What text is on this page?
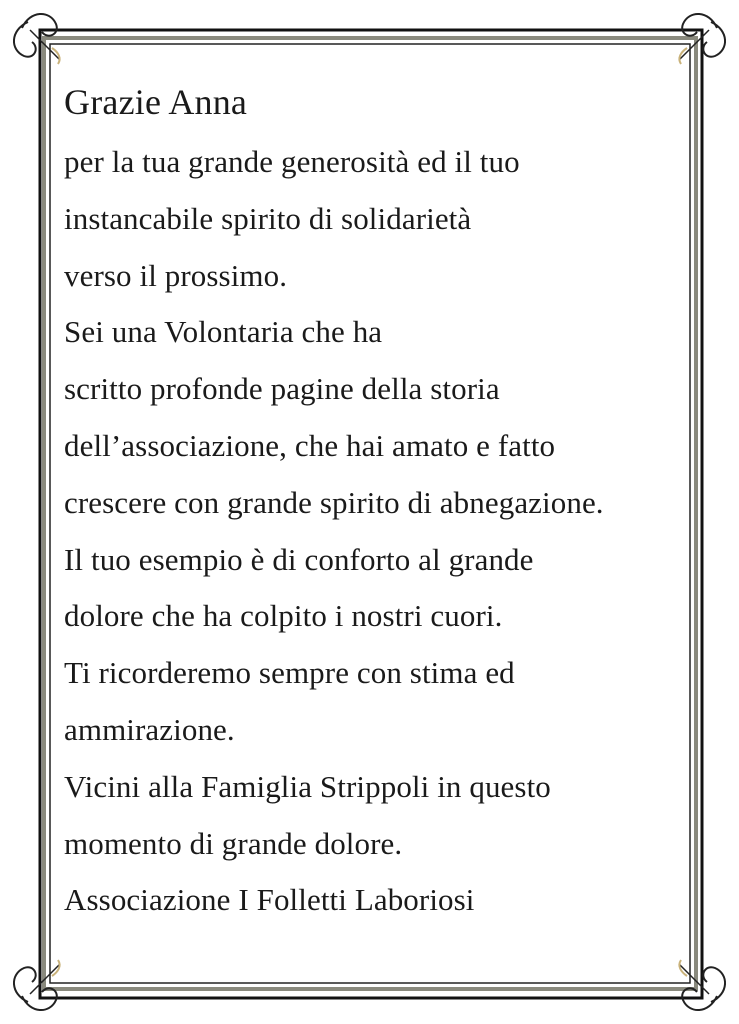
Grazie Anna
per la tua grande generosità ed il tuo
instancabile spirito di solidarietà
verso il prossimo.
Sei una Volontaria che ha
scritto profonde pagine della storia
dell’associazione, che hai amato e fatto
crescere con grande spirito di abnegazione.
Il tuo esempio è di conforto al grande
dolore che ha colpito i nostri cuori.
Ti ricorderemo sempre con stima ed
ammirazione.
Vicini alla Famiglia Strippoli in questo
momento di grande dolore.
Associazione I Folletti Laboriosi
